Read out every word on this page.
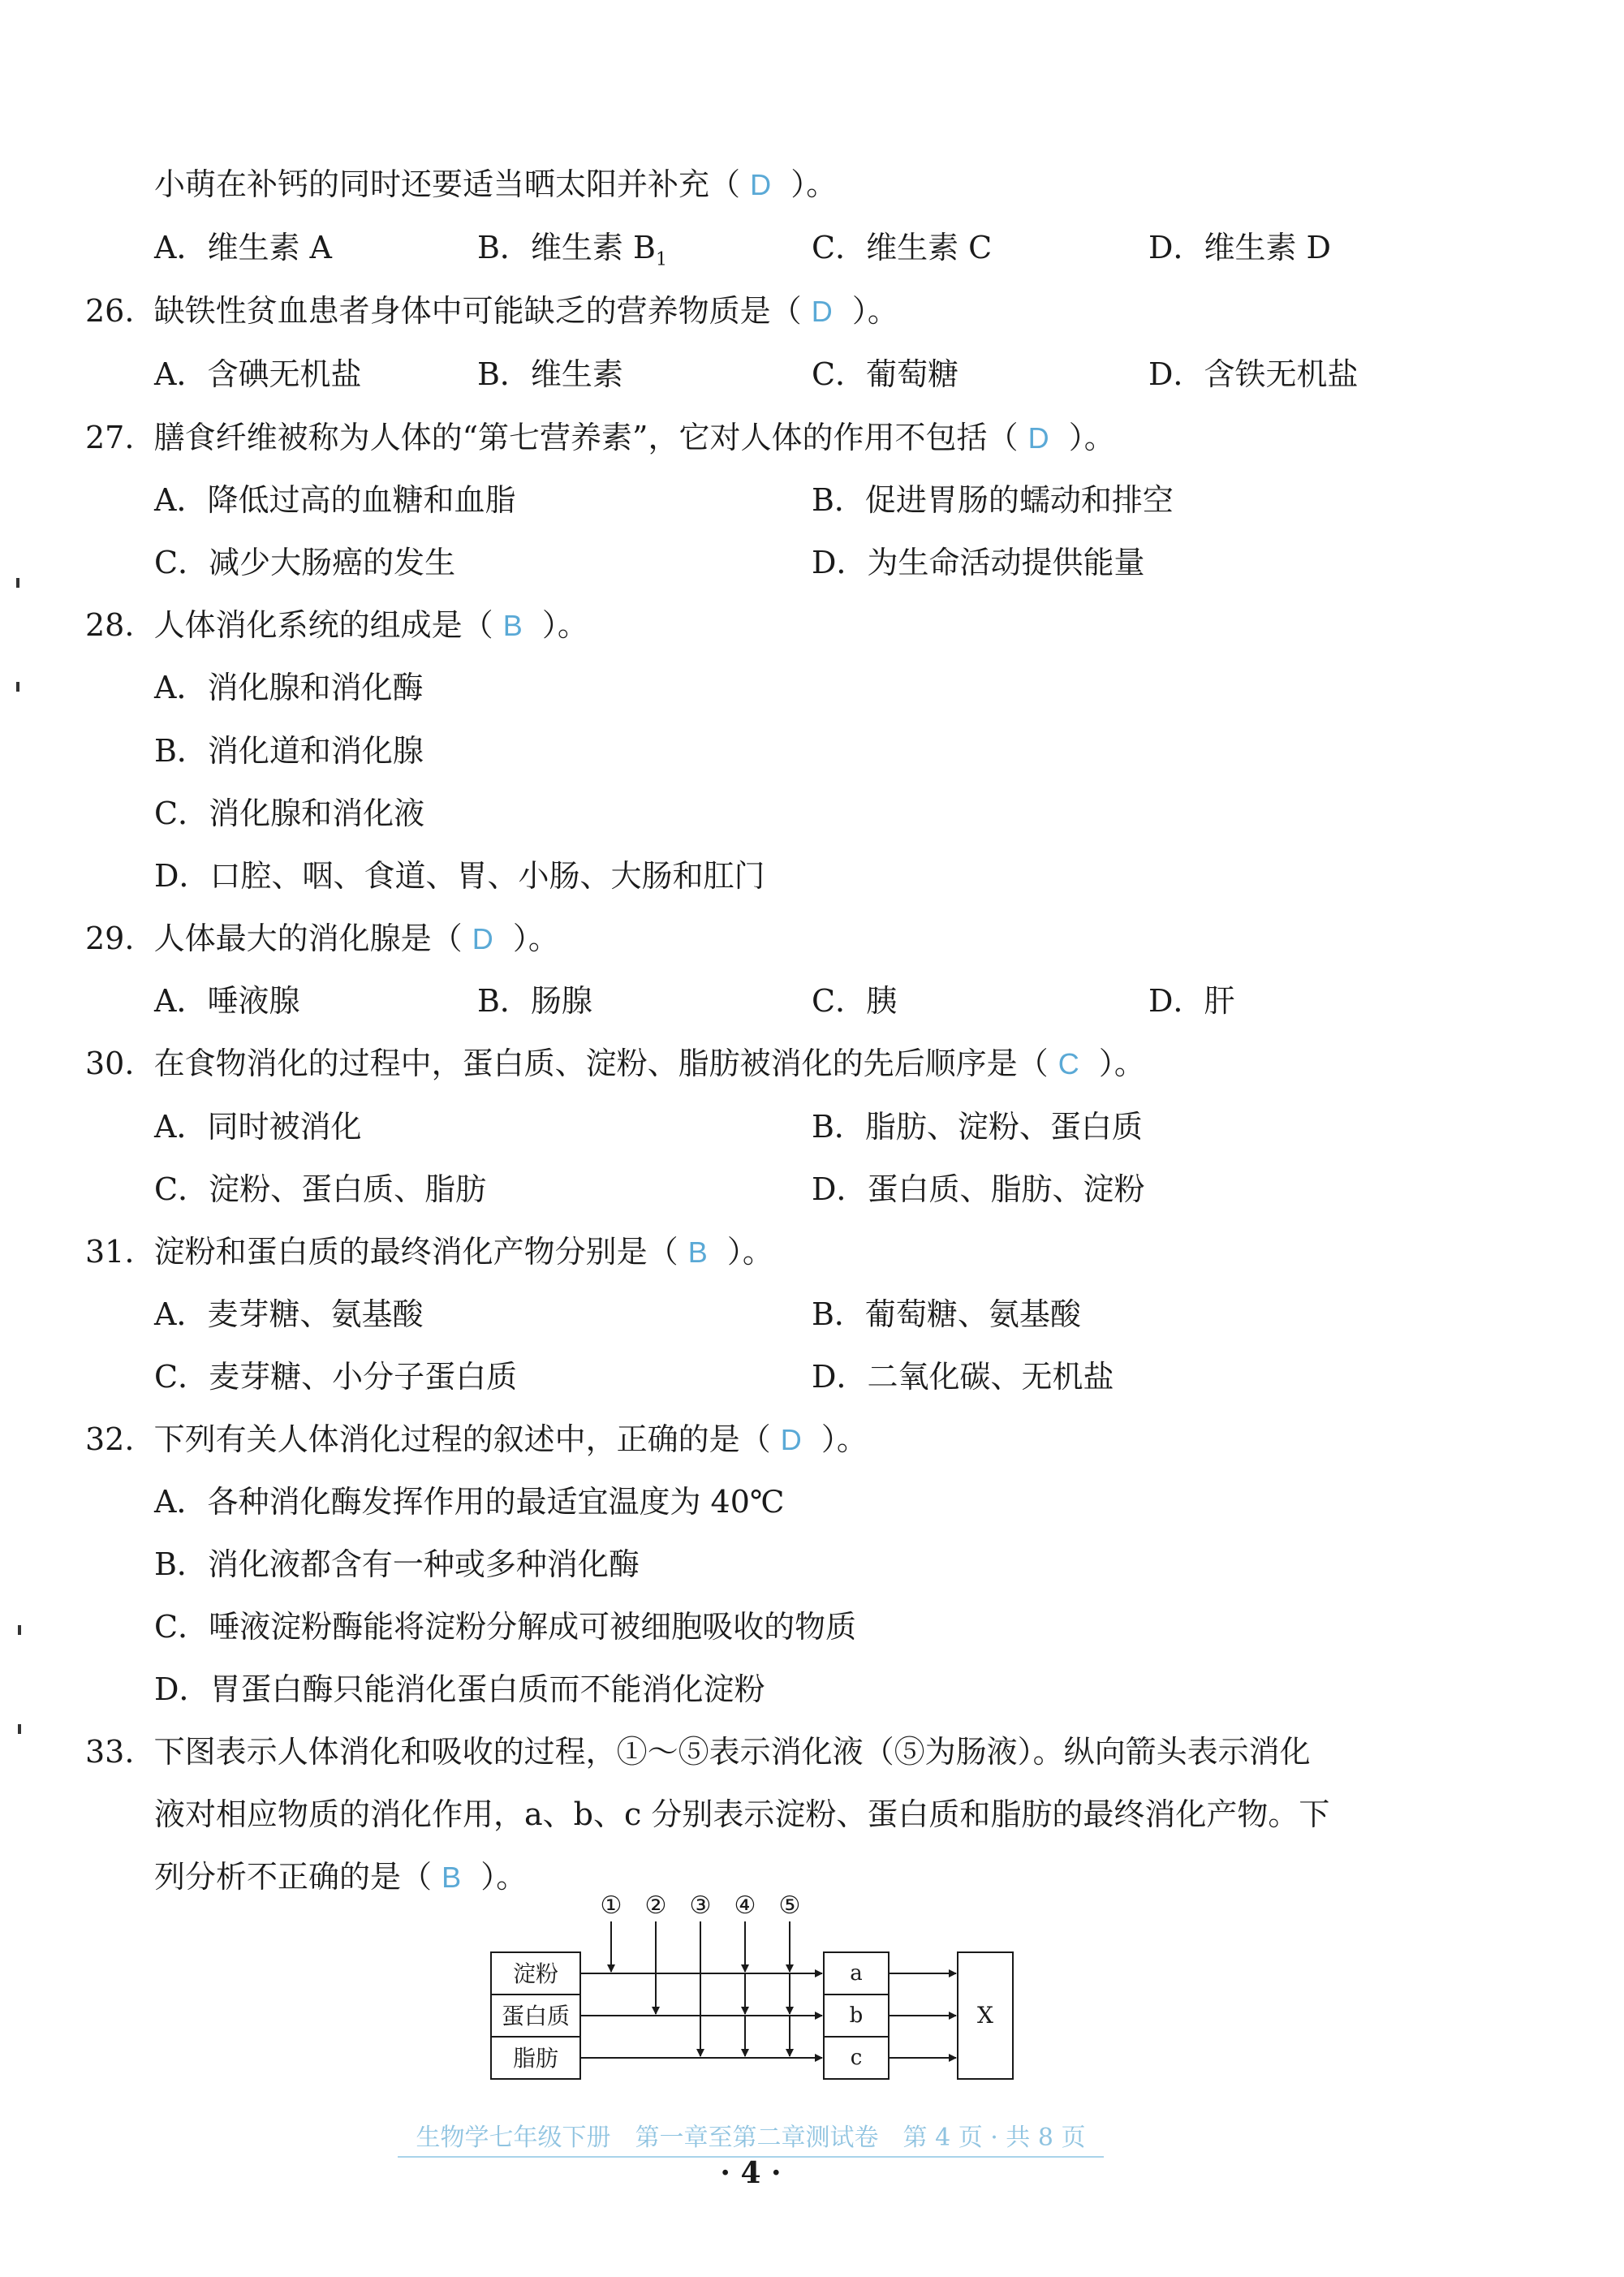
小萌在补钙的同时还要适当晒太阳并补充（ D ）。
A．维生素 A	B．维生素 $B_1$	C．维生素 C	D．维生素 D
26. 缺铁性贫血患者身体中可能缺乏的营养物质是（ D ）。
A．含碘无机盐	B．维生素	C．葡萄糖	D．含铁无机盐
27. 膳食纤维被称为人体的“第七营养素”，它对人体的作用不包括（ D ）。
A．降低过高的血糖和血脂	B．促进胃肠的蠕动和排空
C．减少大肠癌的发生	D．为生命活动提供能量
28. 人体消化系统的组成是（ B ）。
A．消化腺和消化酶
B．消化道和消化腺
C．消化腺和消化液
D．口腔、咽、食道、胃、小肠、大肠和肛门
29. 人体最大的消化腺是（ D ）。
A．唾液腺	B．肠腺	C．胰	D．肝
30. 在食物消化的过程中，蛋白质、淀粉、脂肪被消化的先后顺序是（ C ）。
A．同时被消化	B．脂肪、淀粉、蛋白质
C．淀粉、蛋白质、脂肪	D．蛋白质、脂肪、淀粉
31. 淀粉和蛋白质的最终消化产物分别是（ B ）。
A．麦芽糖、氨基酸	B．葡萄糖、氨基酸
C．麦芽糖、小分子蛋白质	D．二氧化碳、无机盐
32. 下列有关人体消化过程的叙述中，正确的是（ D ）。
A．各种消化酶发挥作用的最适宜温度为 40℃
B．消化液都含有一种或多种消化酶
C．唾液淀粉酶能将淀粉分解成可被细胞吸收的物质
D．胃蛋白酶只能消化蛋白质而不能消化淀粉
33. 下图表示人体消化和吸收的过程，①～⑤表示消化液（⑤为肠液）。纵向箭头表示消化
液对相应物质的消化作用，a、b、c 分别表示淀粉、蛋白质和脂肪的最终消化产物。下
列分析不正确的是（ B ）。
① ② ③ ④ ⑤
淀粉
蛋白质
脂肪
a
b
c
X
生物学七年级下册　第一章至第二章测试卷　第 4 页 · 共 8 页
· 4 ·
